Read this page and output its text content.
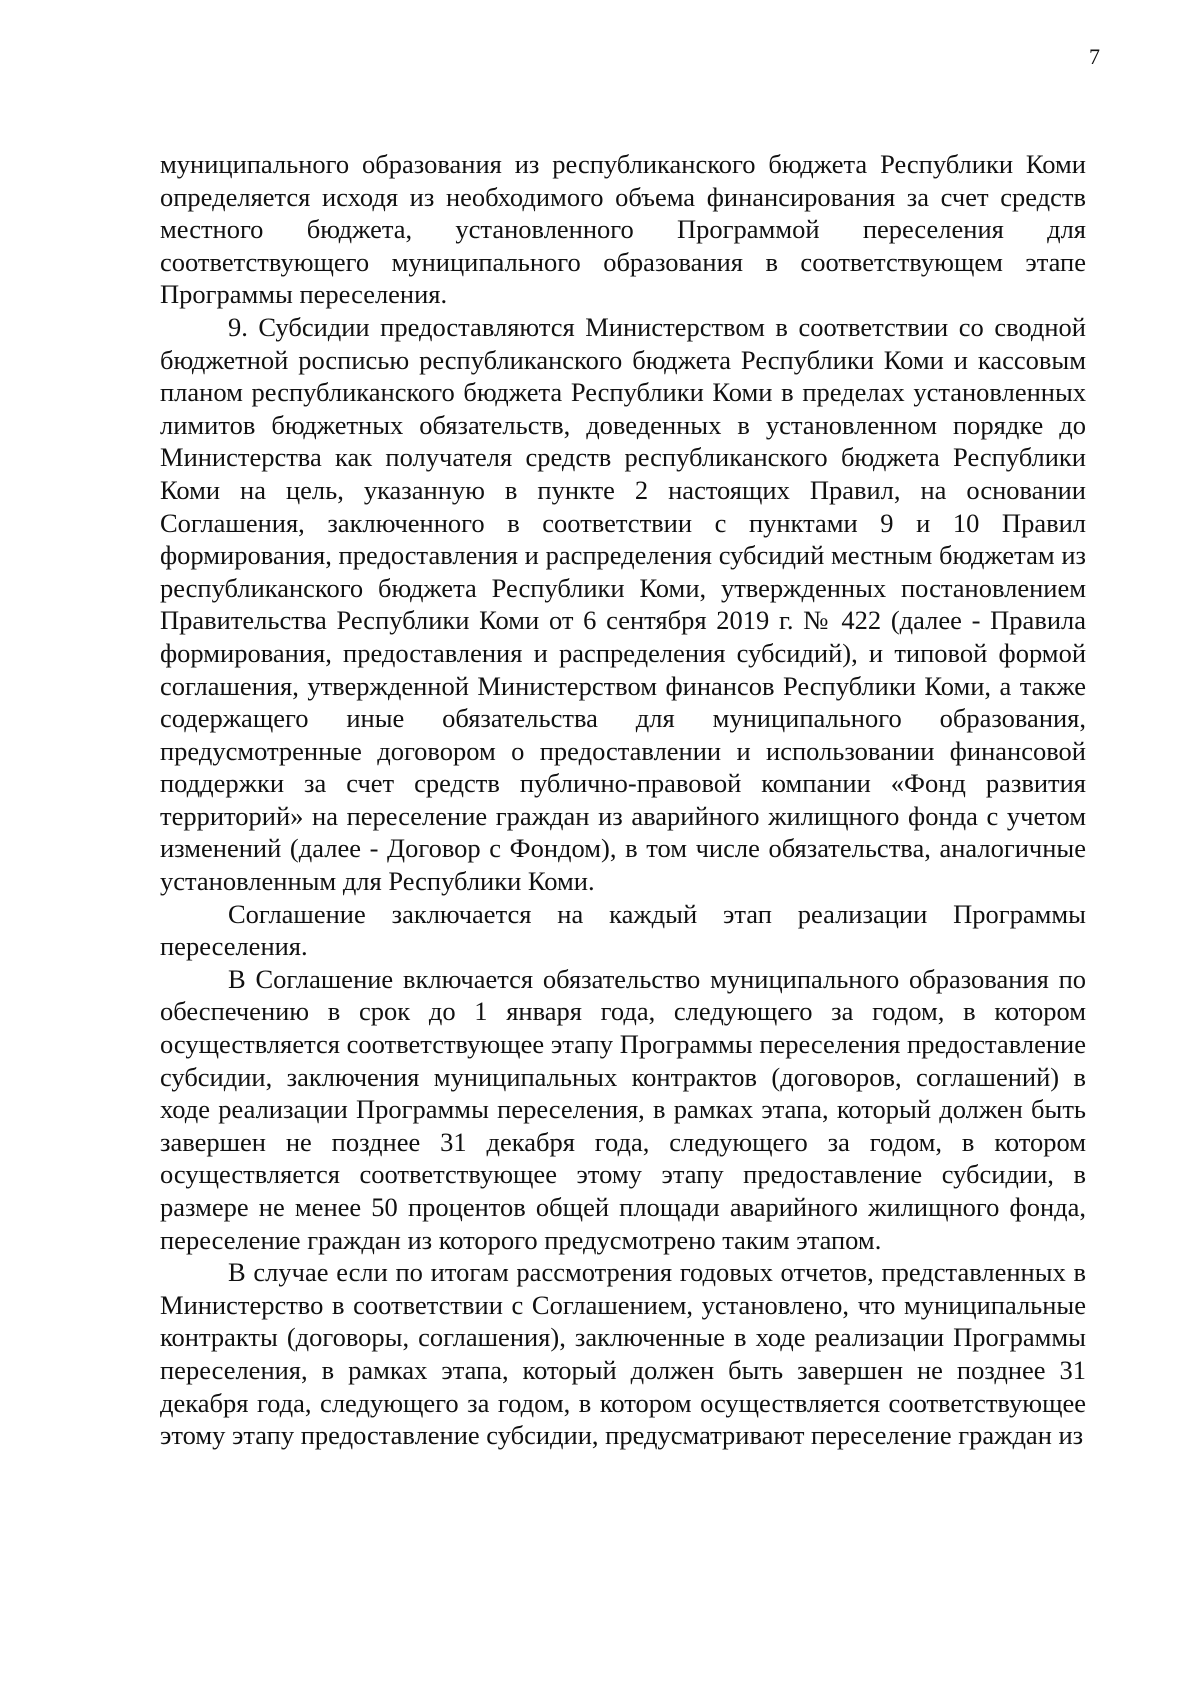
7

муниципального образования из республиканского бюджета Республики Коми определяется исходя из необходимого объема финансирования за счет средств местного бюджета, установленного Программой переселения для соответствующего муниципального образования в соответствующем этапе Программы переселения.

9. Субсидии предоставляются Министерством в соответствии со сводной бюджетной росписью республиканского бюджета Республики Коми и кассовым планом республиканского бюджета Республики Коми в пределах установленных лимитов бюджетных обязательств, доведенных в установленном порядке до Министерства как получателя средств республиканского бюджета Республики Коми на цель, указанную в пункте 2 настоящих Правил, на основании Соглашения, заключенного в соответствии с пунктами 9 и 10 Правил формирования, предоставления и распределения субсидий местным бюджетам из республиканского бюджета Республики Коми, утвержденных постановлением Правительства Республики Коми от 6 сентября 2019 г. № 422 (далее - Правила формирования, предоставления и распределения субсидий), и типовой формой соглашения, утвержденной Министерством финансов Республики Коми, а также содержащего иные обязательства для муниципального образования, предусмотренные договором о предоставлении и использовании финансовой поддержки за счет средств публично-правовой компании «Фонд развития территорий» на переселение граждан из аварийного жилищного фонда с учетом изменений (далее - Договор с Фондом), в том числе обязательства, аналогичные установленным для Республики Коми.

Соглашение заключается на каждый этап реализации Программы переселения.

В Соглашение включается обязательство муниципального образования по обеспечению в срок до 1 января года, следующего за годом, в котором осуществляется соответствующее этапу Программы переселения предоставление субсидии, заключения муниципальных контрактов (договоров, соглашений) в ходе реализации Программы переселения, в рамках этапа, который должен быть завершен не позднее 31 декабря года, следующего за годом, в котором осуществляется соответствующее этому этапу предоставление субсидии, в размере не менее 50 процентов общей площади аварийного жилищного фонда, переселение граждан из которого предусмотрено таким этапом.

В случае если по итогам рассмотрения годовых отчетов, представленных в Министерство в соответствии с Соглашением, установлено, что муниципальные контракты (договоры, соглашения), заключенные в ходе реализации Программы переселения, в рамках этапа, который должен быть завершен не позднее 31 декабря года, следующего за годом, в котором осуществляется соответствующее этому этапу предоставление субсидии, предусматривают переселение граждан из
